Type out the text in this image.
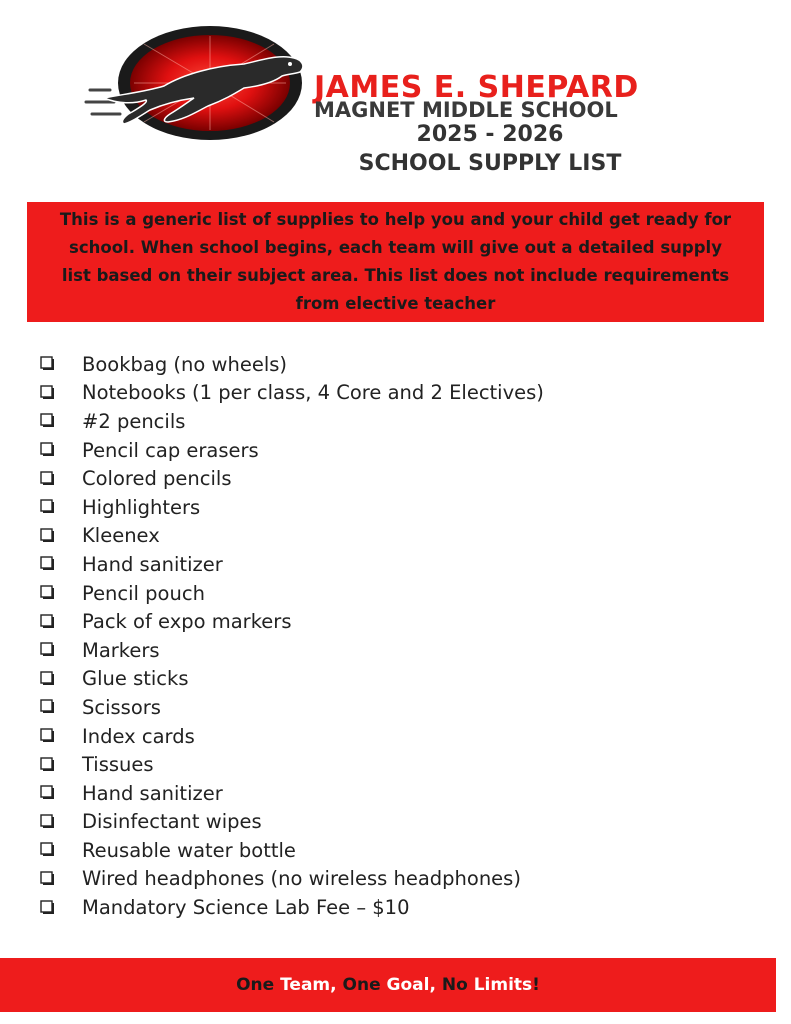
JAMES E. SHEPARD
MAGNET MIDDLE SCHOOL
2025 - 2026
SCHOOL SUPPLY LIST

This is a generic list of supplies to help you and your child get ready for school. When school begins, each team will give out a detailed supply list based on their subject area. This list does not include requirements from elective teacher

Bookbag (no wheels)
Notebooks (1 per class, 4 Core and 2 Electives)
#2 pencils
Pencil cap erasers
Colored pencils
Highlighters
Kleenex
Hand sanitizer
Pencil pouch
Pack of expo markers
Markers
Glue sticks
Scissors
Index cards
Tissues
Hand sanitizer
Disinfectant wipes
Reusable water bottle
Wired headphones (no wireless headphones)
Mandatory Science Lab Fee – $10
One Team, One Goal, No Limits!
